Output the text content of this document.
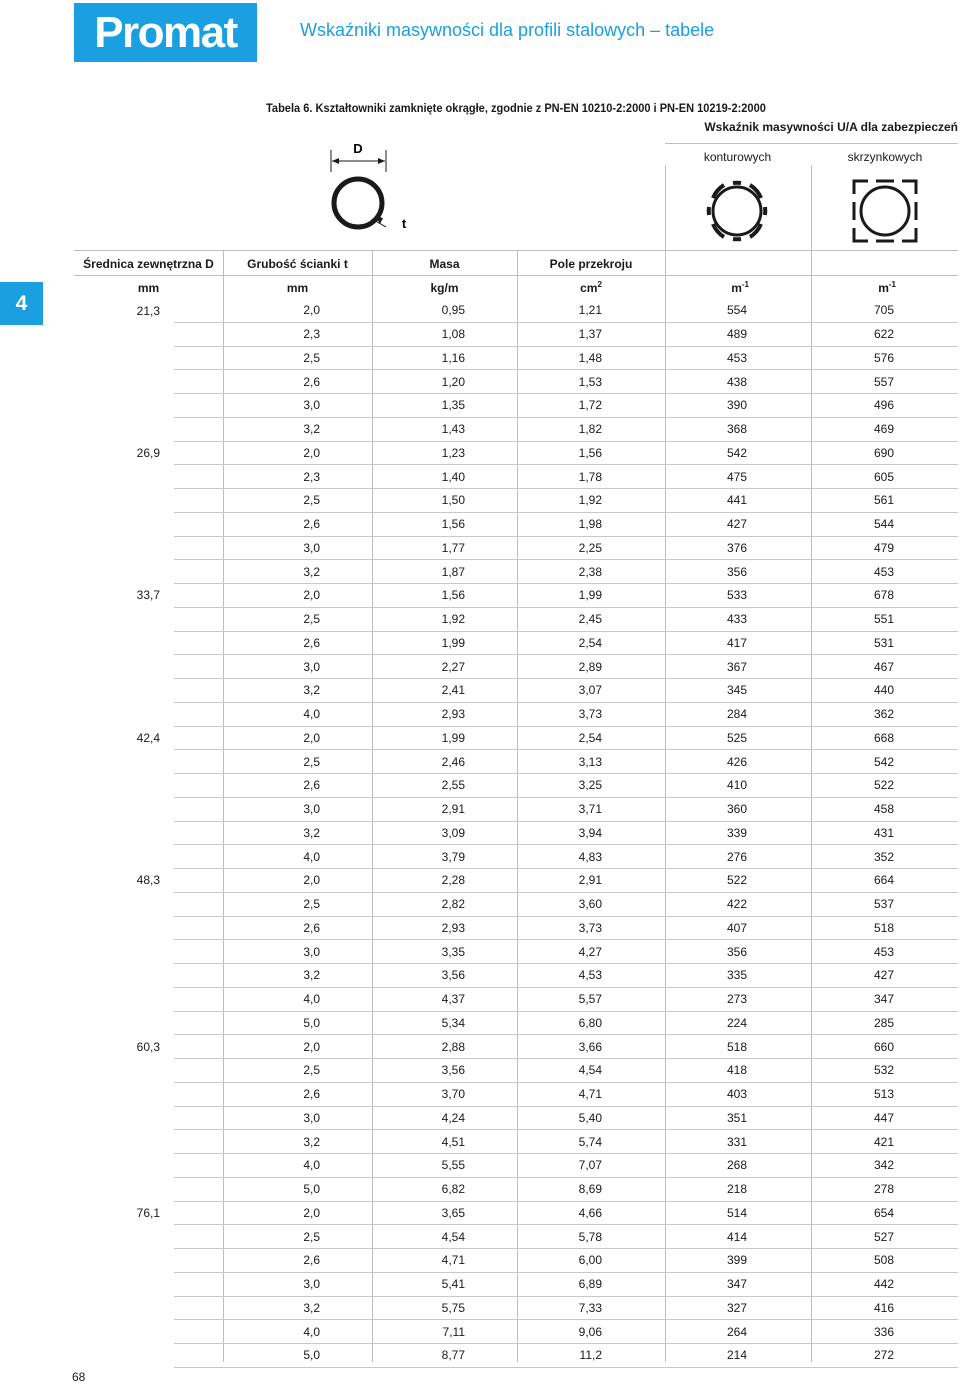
Promat	Wskaźniki masywności dla profili stalowych – tabele
4
68
Tabela 6. Kształtowniki zamknięte okrągłe, zgodnie z PN-EN 10210-2:2000 i PN-EN 10219-2:2000
Wskaźnik masywności U/A dla zabezpieczeń
konturowych	skrzynkowych
D
t
Średnica zewnętrzna D	Grubość ścianki t	Masa	Pole przekroju
mm	mm	kg/m	$cm^2$	$m^{-1}$	$m^{-1}$
21,3	2,0	0,95	1,21	554	705
	2,3	1,08	1,37	489	622
	2,5	1,16	1,48	453	576
	2,6	1,20	1,53	438	557
	3,0	1,35	1,72	390	496
	3,2	1,43	1,82	368	469
26,9	2,0	1,23	1,56	542	690
	2,3	1,40	1,78	475	605
	2,5	1,50	1,92	441	561
	2,6	1,56	1,98	427	544
	3,0	1,77	2,25	376	479
	3,2	1,87	2,38	356	453
33,7	2,0	1,56	1,99	533	678
	2,5	1,92	2,45	433	551
	2,6	1,99	2,54	417	531
	3,0	2,27	2,89	367	467
	3,2	2,41	3,07	345	440
	4,0	2,93	3,73	284	362
42,4	2,0	1,99	2,54	525	668
	2,5	2,46	3,13	426	542
	2,6	2,55	3,25	410	522
	3,0	2,91	3,71	360	458
	3,2	3,09	3,94	339	431
	4,0	3,79	4,83	276	352
48,3	2,0	2,28	2,91	522	664
	2,5	2,82	3,60	422	537
	2,6	2,93	3,73	407	518
	3,0	3,35	4,27	356	453
	3,2	3,56	4,53	335	427
	4,0	4,37	5,57	273	347
	5,0	5,34	6,80	224	285
60,3	2,0	2,88	3,66	518	660
	2,5	3,56	4,54	418	532
	2,6	3,70	4,71	403	513
	3,0	4,24	5,40	351	447
	3,2	4,51	5,74	331	421
	4,0	5,55	7,07	268	342
	5,0	6,82	8,69	218	278
76,1	2,0	3,65	4,66	514	654
	2,5	4,54	5,78	414	527
	2,6	4,71	6,00	399	508
	3,0	5,41	6,89	347	442
	3,2	5,75	7,33	327	416
	4,0	7,11	9,06	264	336
	5,0	8,77	11,2	214	272
